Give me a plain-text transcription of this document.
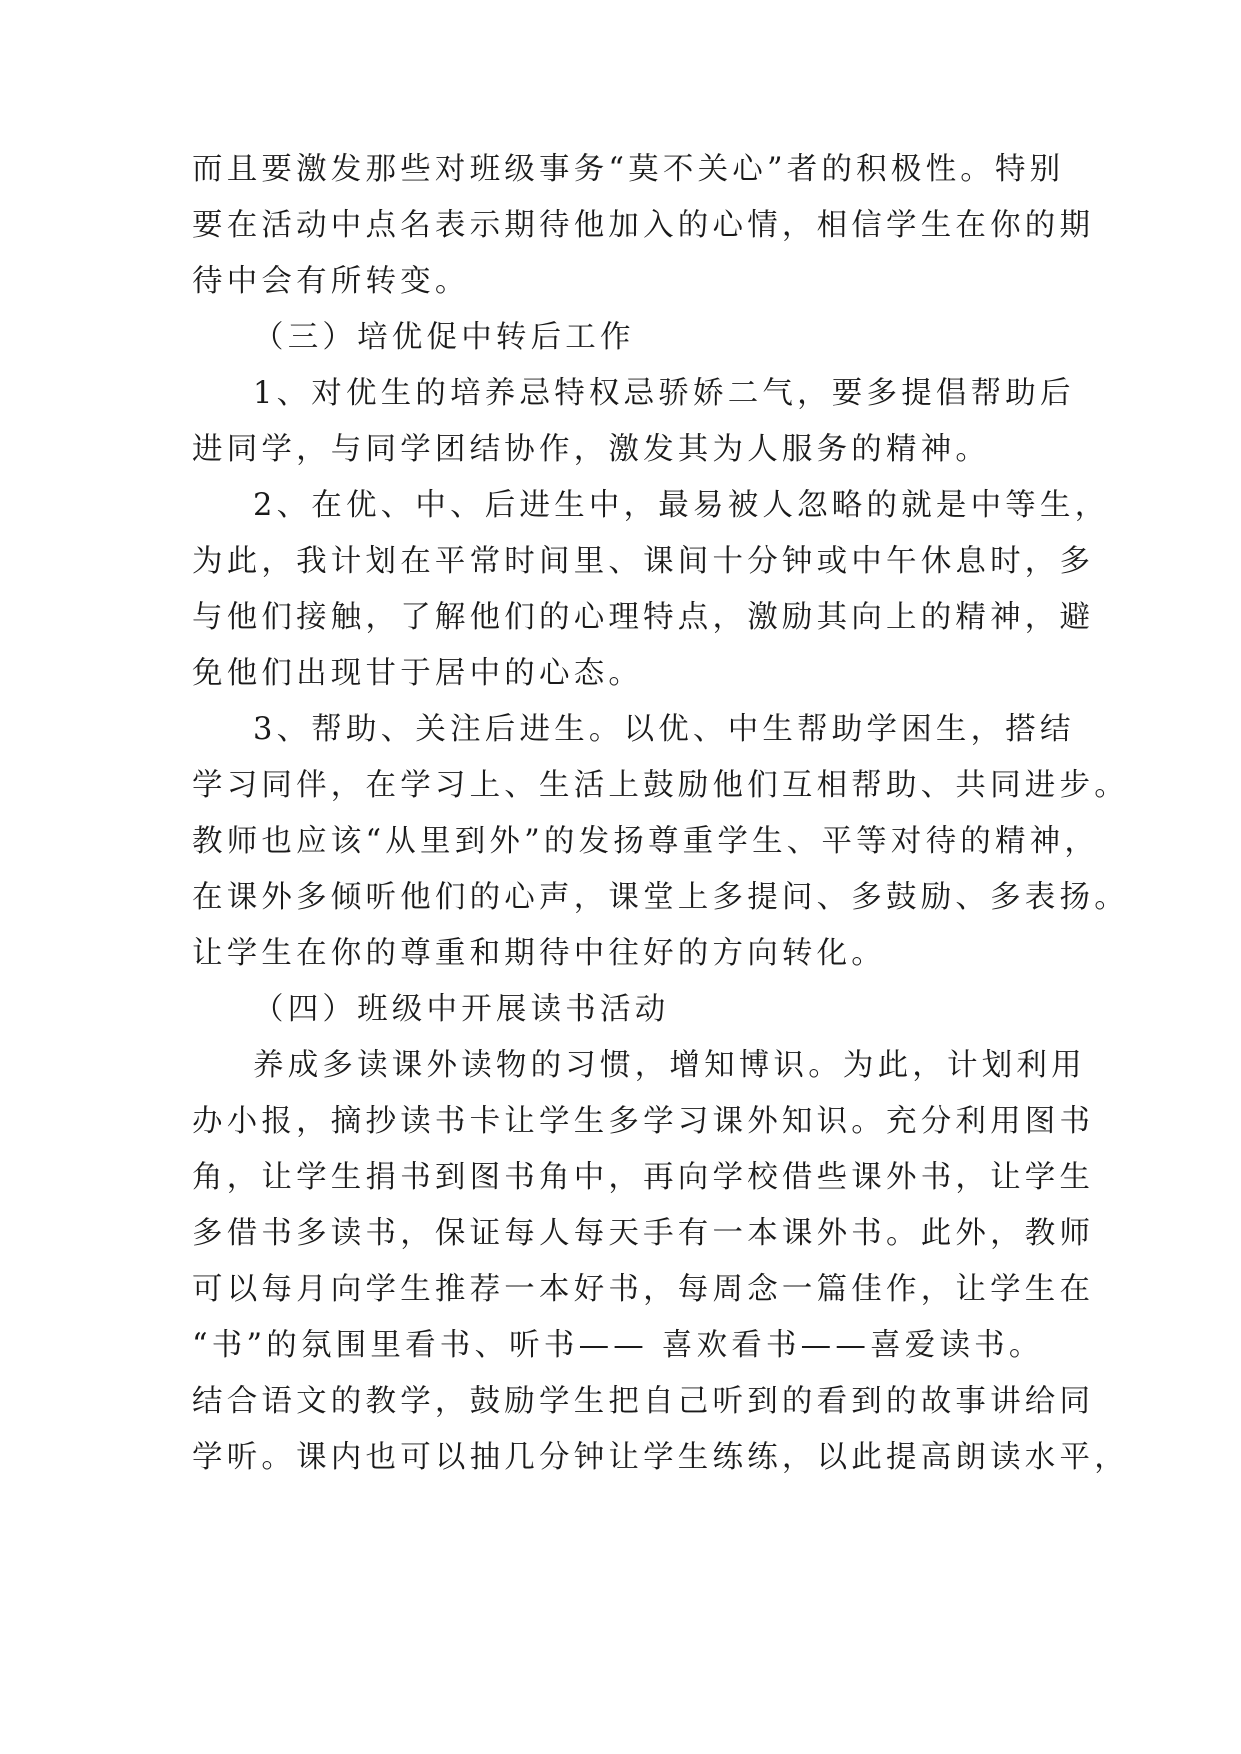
而且要激发那些对班级事务“莫不关心”者的积极性。特别
要在活动中点名表示期待他加入的心情，相信学生在你的期
待中会有所转变。
（三）培优促中转后工作
1、对优生的培养忌特权忌骄娇二气，要多提倡帮助后
进同学，与同学团结协作，激发其为人服务的精神。
2、在优、中、后进生中，最易被人忽略的就是中等生，
为此，我计划在平常时间里、课间十分钟或中午休息时，多
与他们接触，了解他们的心理特点，激励其向上的精神，避
免他们出现甘于居中的心态。
3、帮助、关注后进生。以优、中生帮助学困生，搭结
学习同伴，在学习上、生活上鼓励他们互相帮助、共同进步。
教师也应该“从里到外”的发扬尊重学生、平等对待的精神，
在课外多倾听他们的心声，课堂上多提问、多鼓励、多表扬。
让学生在你的尊重和期待中往好的方向转化。
（四）班级中开展读书活动
养成多读课外读物的习惯，增知博识。为此，计划利用
办小报，摘抄读书卡让学生多学习课外知识。充分利用图书
角，让学生捐书到图书角中，再向学校借些课外书，让学生
多借书多读书，保证每人每天手有一本课外书。此外，教师
可以每月向学生推荐一本好书，每周念一篇佳作，让学生在
“书”的氛围里看书、听书—— 喜欢看书——喜爱读书。
结合语文的教学，鼓励学生把自己听到的看到的故事讲给同
学听。课内也可以抽几分钟让学生练练，以此提高朗读水平，
